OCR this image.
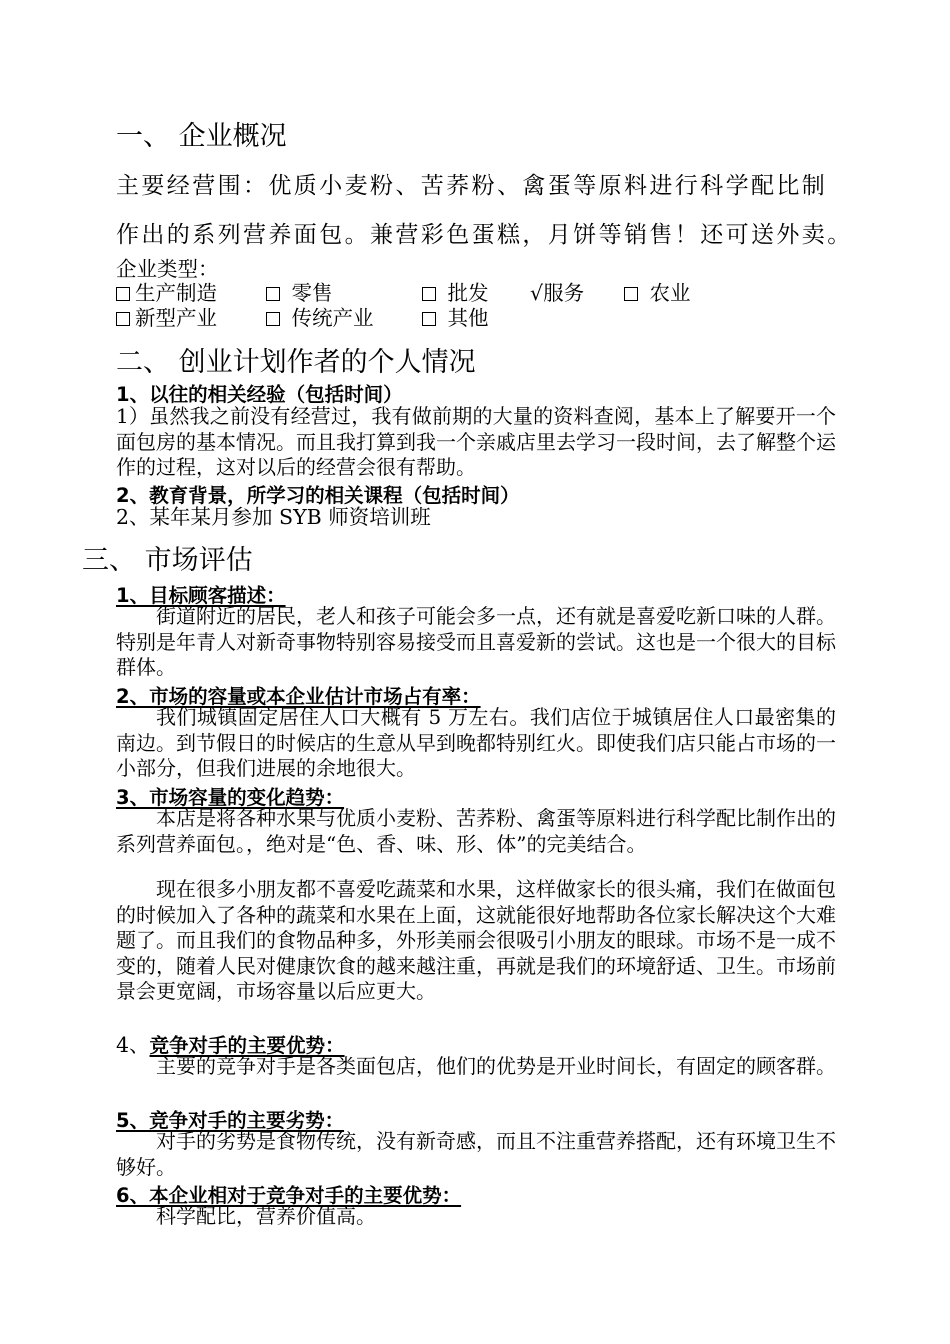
一、 企业概况
主要经营围：优质小麦粉、苦荞粉、禽蛋等原料进行科学配比制
作出的系列营养面包。兼营彩色蛋糕，月饼等销售！还可送外卖。
企业类型：
生产制造	零售	批发 √服务	农业
新型产业	传统产业	其他
二、 创业计划作者的个人情况
1、以往的相关经验（包括时间）
1）虽然我之前没有经营过，我有做前期的大量的资料查阅，基本上了解要开一个面包房的基本情况。而且我打算到我一个亲戚店里去学习一段时间，去了解整个运作的过程，这对以后的经营会很有帮助。
2、教育背景，所学习的相关课程（包括时间）
2、某年某月参加 SYB 师资培训班
三、 市场评估
1、目标顾客描述：
街道附近的居民，老人和孩子可能会多一点，还有就是喜爱吃新口味的人群。特别是年青人对新奇事物特别容易接受而且喜爱新的尝试。这也是一个很大的目标群体。
2、市场的容量或本企业估计市场占有率：
我们城镇固定居住人口大概有 5 万左右。我们店位于城镇居住人口最密集的南边。到节假日的时候店的生意从早到晚都特别红火。即使我们店只能占市场的一小部分，但我们进展的余地很大。
3、市场容量的变化趋势：
本店是将各种水果与优质小麦粉、苦荞粉、禽蛋等原料进行科学配比制作出的系列营养面包。，绝对是“色、香、味、形、体”的完美结合。
现在很多小朋友都不喜爱吃蔬菜和水果，这样做家长的很头痛，我们在做面包的时候加入了各种的蔬菜和水果在上面，这就能很好地帮助各位家长解决这个大难题了。而且我们的食物品种多，外形美丽会很吸引小朋友的眼球。市场不是一成不变的，随着人民对健康饮食的越来越注重，再就是我们的环境舒适、卫生。市场前景会更宽阔，市场容量以后应更大。
4、竞争对手的主要优势：
主要的竞争对手是各类面包店，他们的优势是开业时间长，有固定的顾客群。
5、竞争对手的主要劣势：
对手的劣势是食物传统，没有新奇感，而且不注重营养搭配，还有环境卫生不够好。
6、本企业相对于竞争对手的主要优势：
科学配比，营养价值高。
